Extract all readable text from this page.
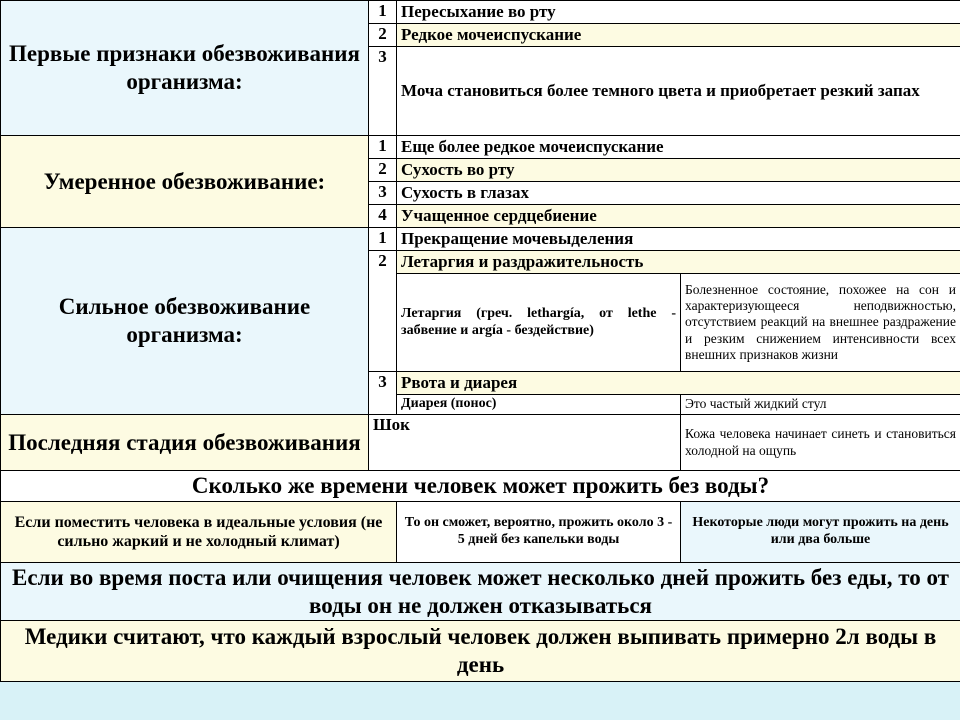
Первые признаки обезвоживания организма:	1	Пересыхание во рту	
	2	Редкое мочеиспускание	
	3	Моча становиться более темного цвета и приобретает резкий запах	
Умеренное обезвоживание:	1	Еще более редкое мочеиспускание	
	2	Сухость во рту	
	3	Сухость в глазах	
	4	Учащенное сердцебиение	
Сильное обезвоживание организма:	1	Прекращение мочевыделения	
	2	Летаргия и раздражительность	
		Летаргия (греч. lethargía, от lethe - забвение и argía - бездействие)	Болезненное состояние, похожее на сон и характеризующееся неподвижностью, отсутствием реакций на внешнее раздражение и резким снижением интенсивности всех внешних признаков жизни
	3	Рвота и диарея	
		Диарея (понос)	Это частый жидкий стул
Последняя стадия обезвоживания	Шок		Кожа человека начинает синеть и становиться холодной на ощупь
Сколько же времени человек может прожить без воды?			
Если поместить человека в идеальные условия (не сильно жаркий и не холодный климат)		То он сможет, вероятно, прожить около 3 - 5 дней без капельки воды	Некоторые люди могут прожить на день или два больше
Если во время поста или очищения человек может несколько дней прожить без еды, то от воды он не должен отказываться			
Медики считают, что каждый взрослый человек должен выпивать примерно 2л воды в день			
